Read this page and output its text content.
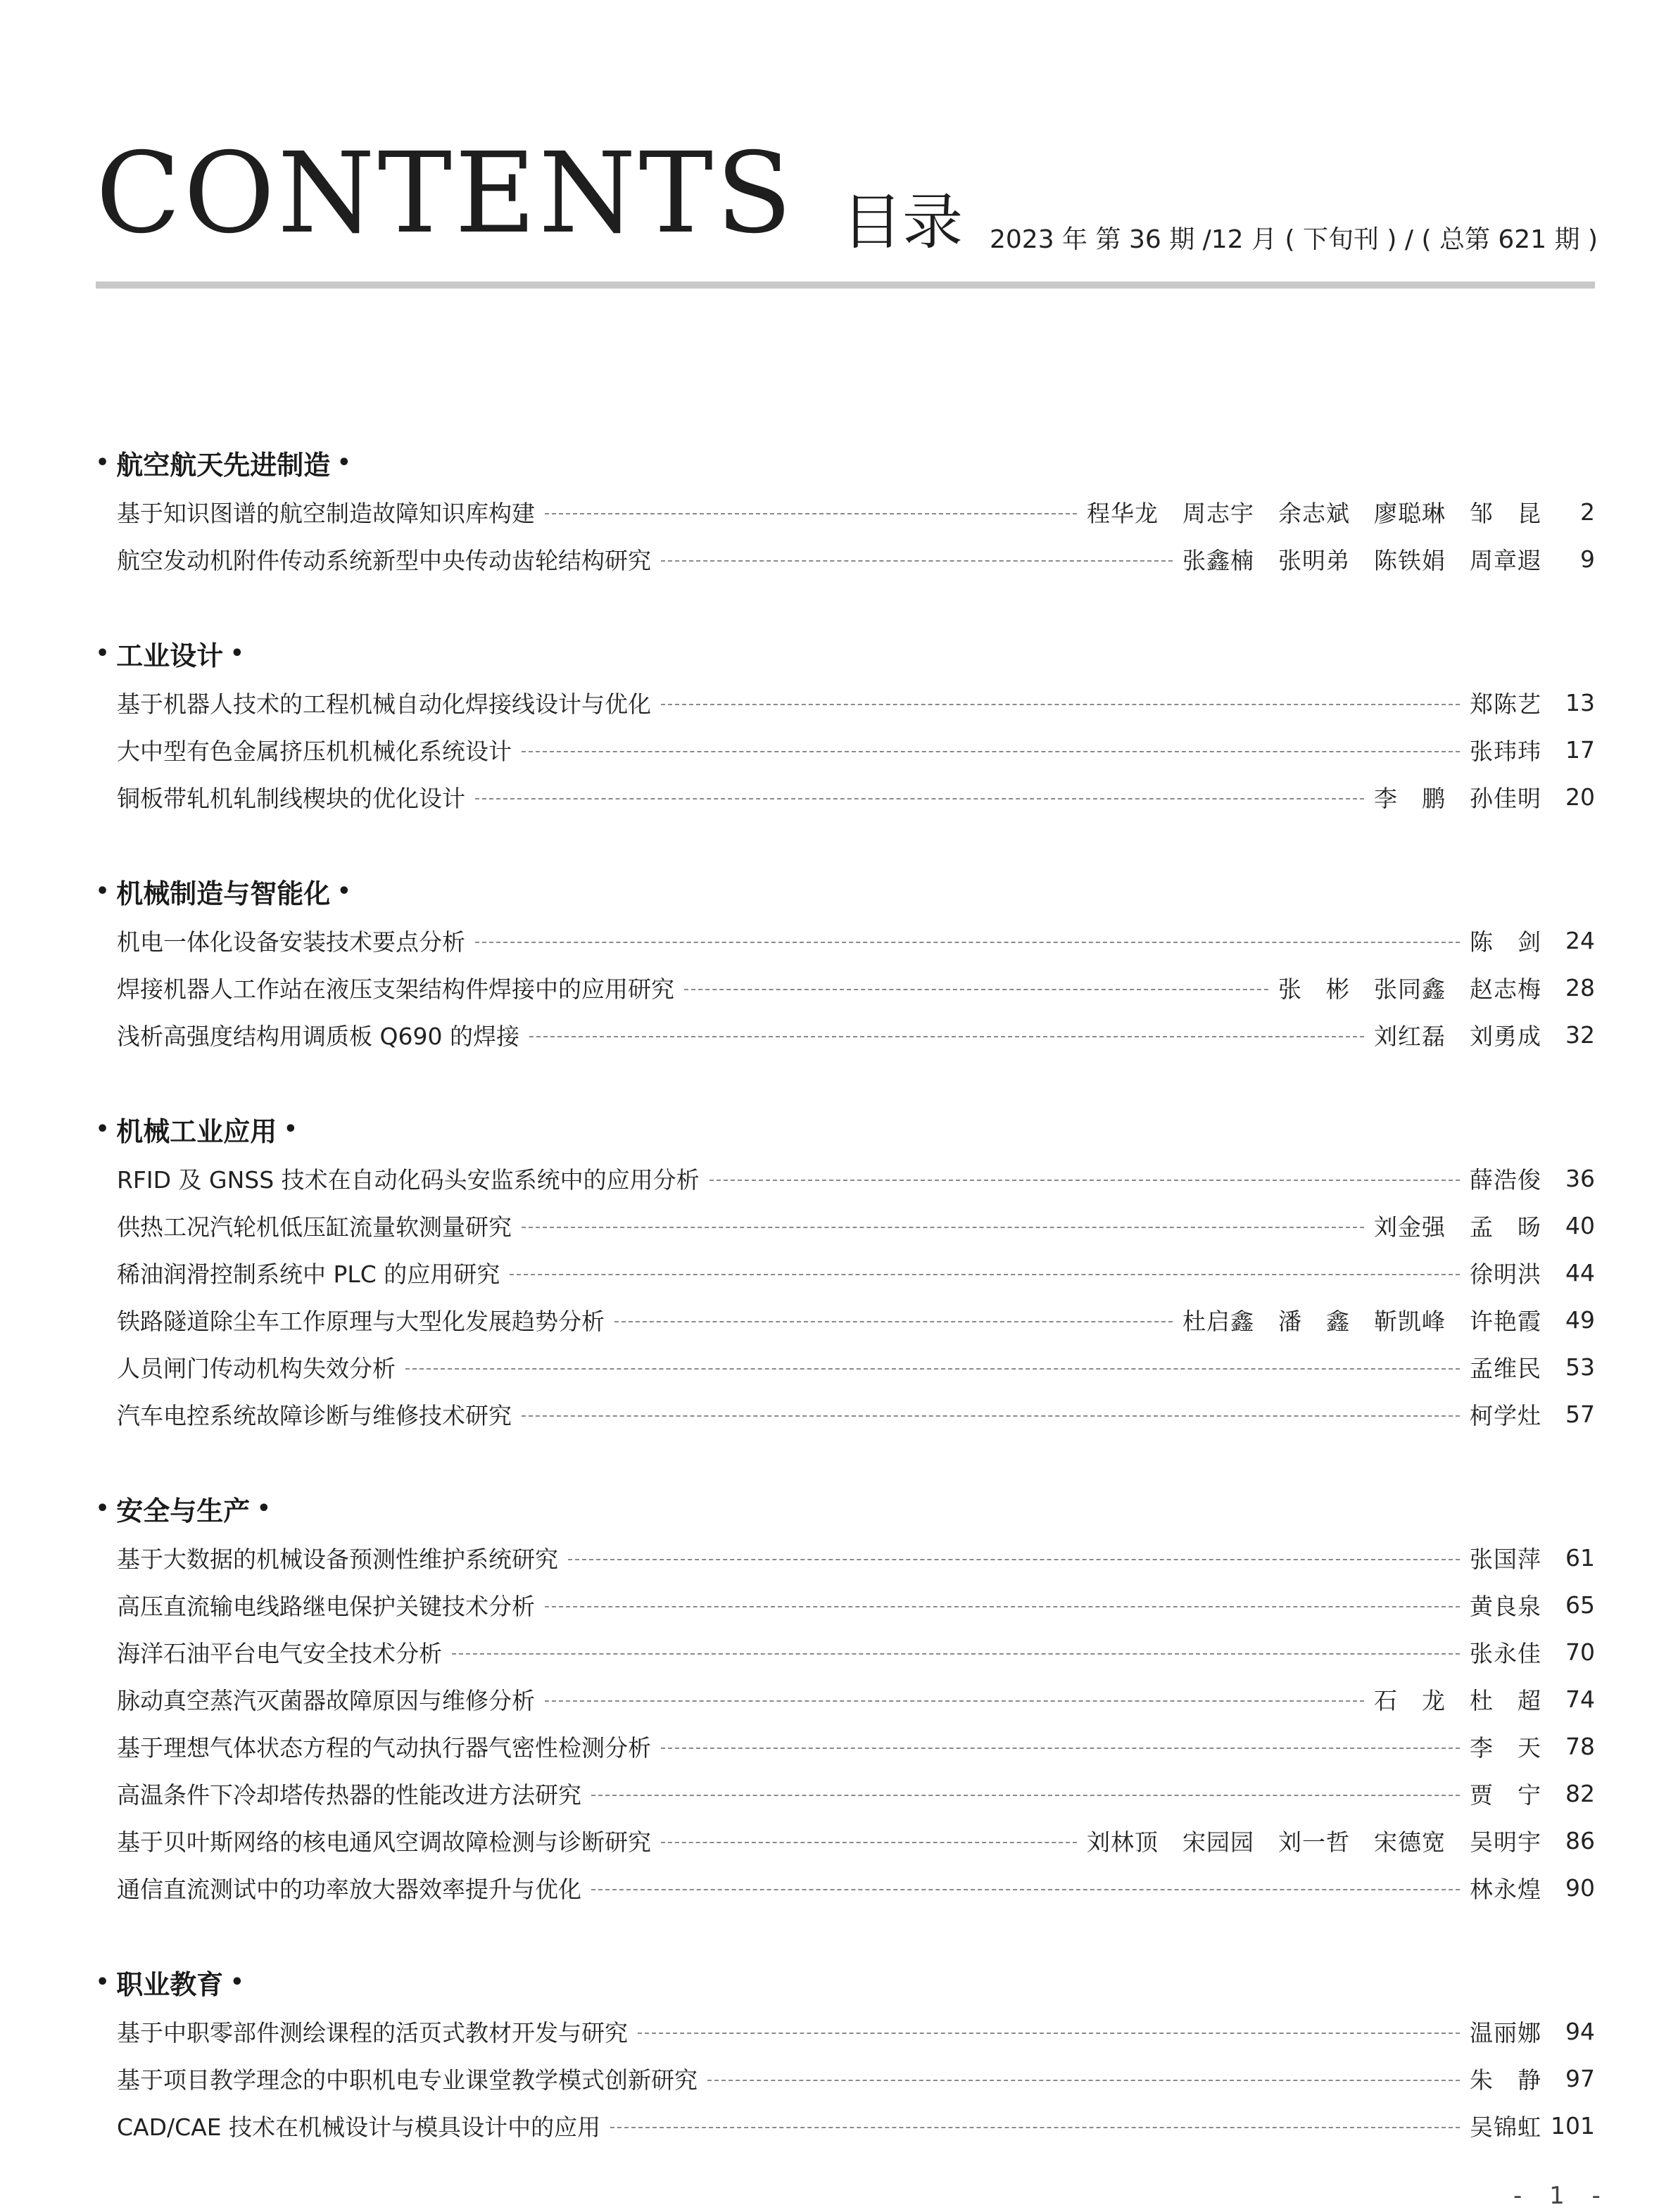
CONTENTS 目录 2023 年 第 36 期 /12 月 ( 下旬刊 ) / ( 总第 621 期 )
• 航空航天先进制造 •
基于知识图谱的航空制造故障知识库构建	程华龙　周志宇　余志斌　廖聪琳　邹　昆	2
航空发动机附件传动系统新型中央传动齿轮结构研究	张鑫楠　张明弟　陈铁娟　周章遐	9
• 工业设计 •
基于机器人技术的工程机械自动化焊接线设计与优化	郑陈艺	13
大中型有色金属挤压机机械化系统设计	张玮玮	17
铜板带轧机轧制线楔块的优化设计	李　鹏　孙佳明	20
• 机械制造与智能化 •
机电一体化设备安装技术要点分析	陈　剑	24
焊接机器人工作站在液压支架结构件焊接中的应用研究	张　彬　张同鑫　赵志梅	28
浅析高强度结构用调质板 Q690 的焊接	刘红磊　刘勇成	32
• 机械工业应用 •
RFID 及 GNSS 技术在自动化码头安监系统中的应用分析	薛浩俊	36
供热工况汽轮机低压缸流量软测量研究	刘金强　孟　旸	40
稀油润滑控制系统中 PLC 的应用研究	徐明洪	44
铁路隧道除尘车工作原理与大型化发展趋势分析	杜启鑫　潘　鑫　靳凯峰　许艳霞	49
人员闸门传动机构失效分析	孟维民	53
汽车电控系统故障诊断与维修技术研究	柯学灶	57
• 安全与生产 •
基于大数据的机械设备预测性维护系统研究	张国萍	61
高压直流输电线路继电保护关键技术分析	黄良泉	65
海洋石油平台电气安全技术分析	张永佳	70
脉动真空蒸汽灭菌器故障原因与维修分析	石　龙　杜　超	74
基于理想气体状态方程的气动执行器气密性检测分析	李　天	78
高温条件下冷却塔传热器的性能改进方法研究	贾　宁	82
基于贝叶斯网络的核电通风空调故障检测与诊断研究	刘林顶　宋园园　刘一哲　宋德宽　吴明宇	86
通信直流测试中的功率放大器效率提升与优化	林永煌	90
• 职业教育 •
基于中职零部件测绘课程的活页式教材开发与研究	温丽娜	94
基于项目教学理念的中职机电专业课堂教学模式创新研究	朱　静	97
CAD/CAE 技术在机械设计与模具设计中的应用	吴锦虹 101
- 1 -
